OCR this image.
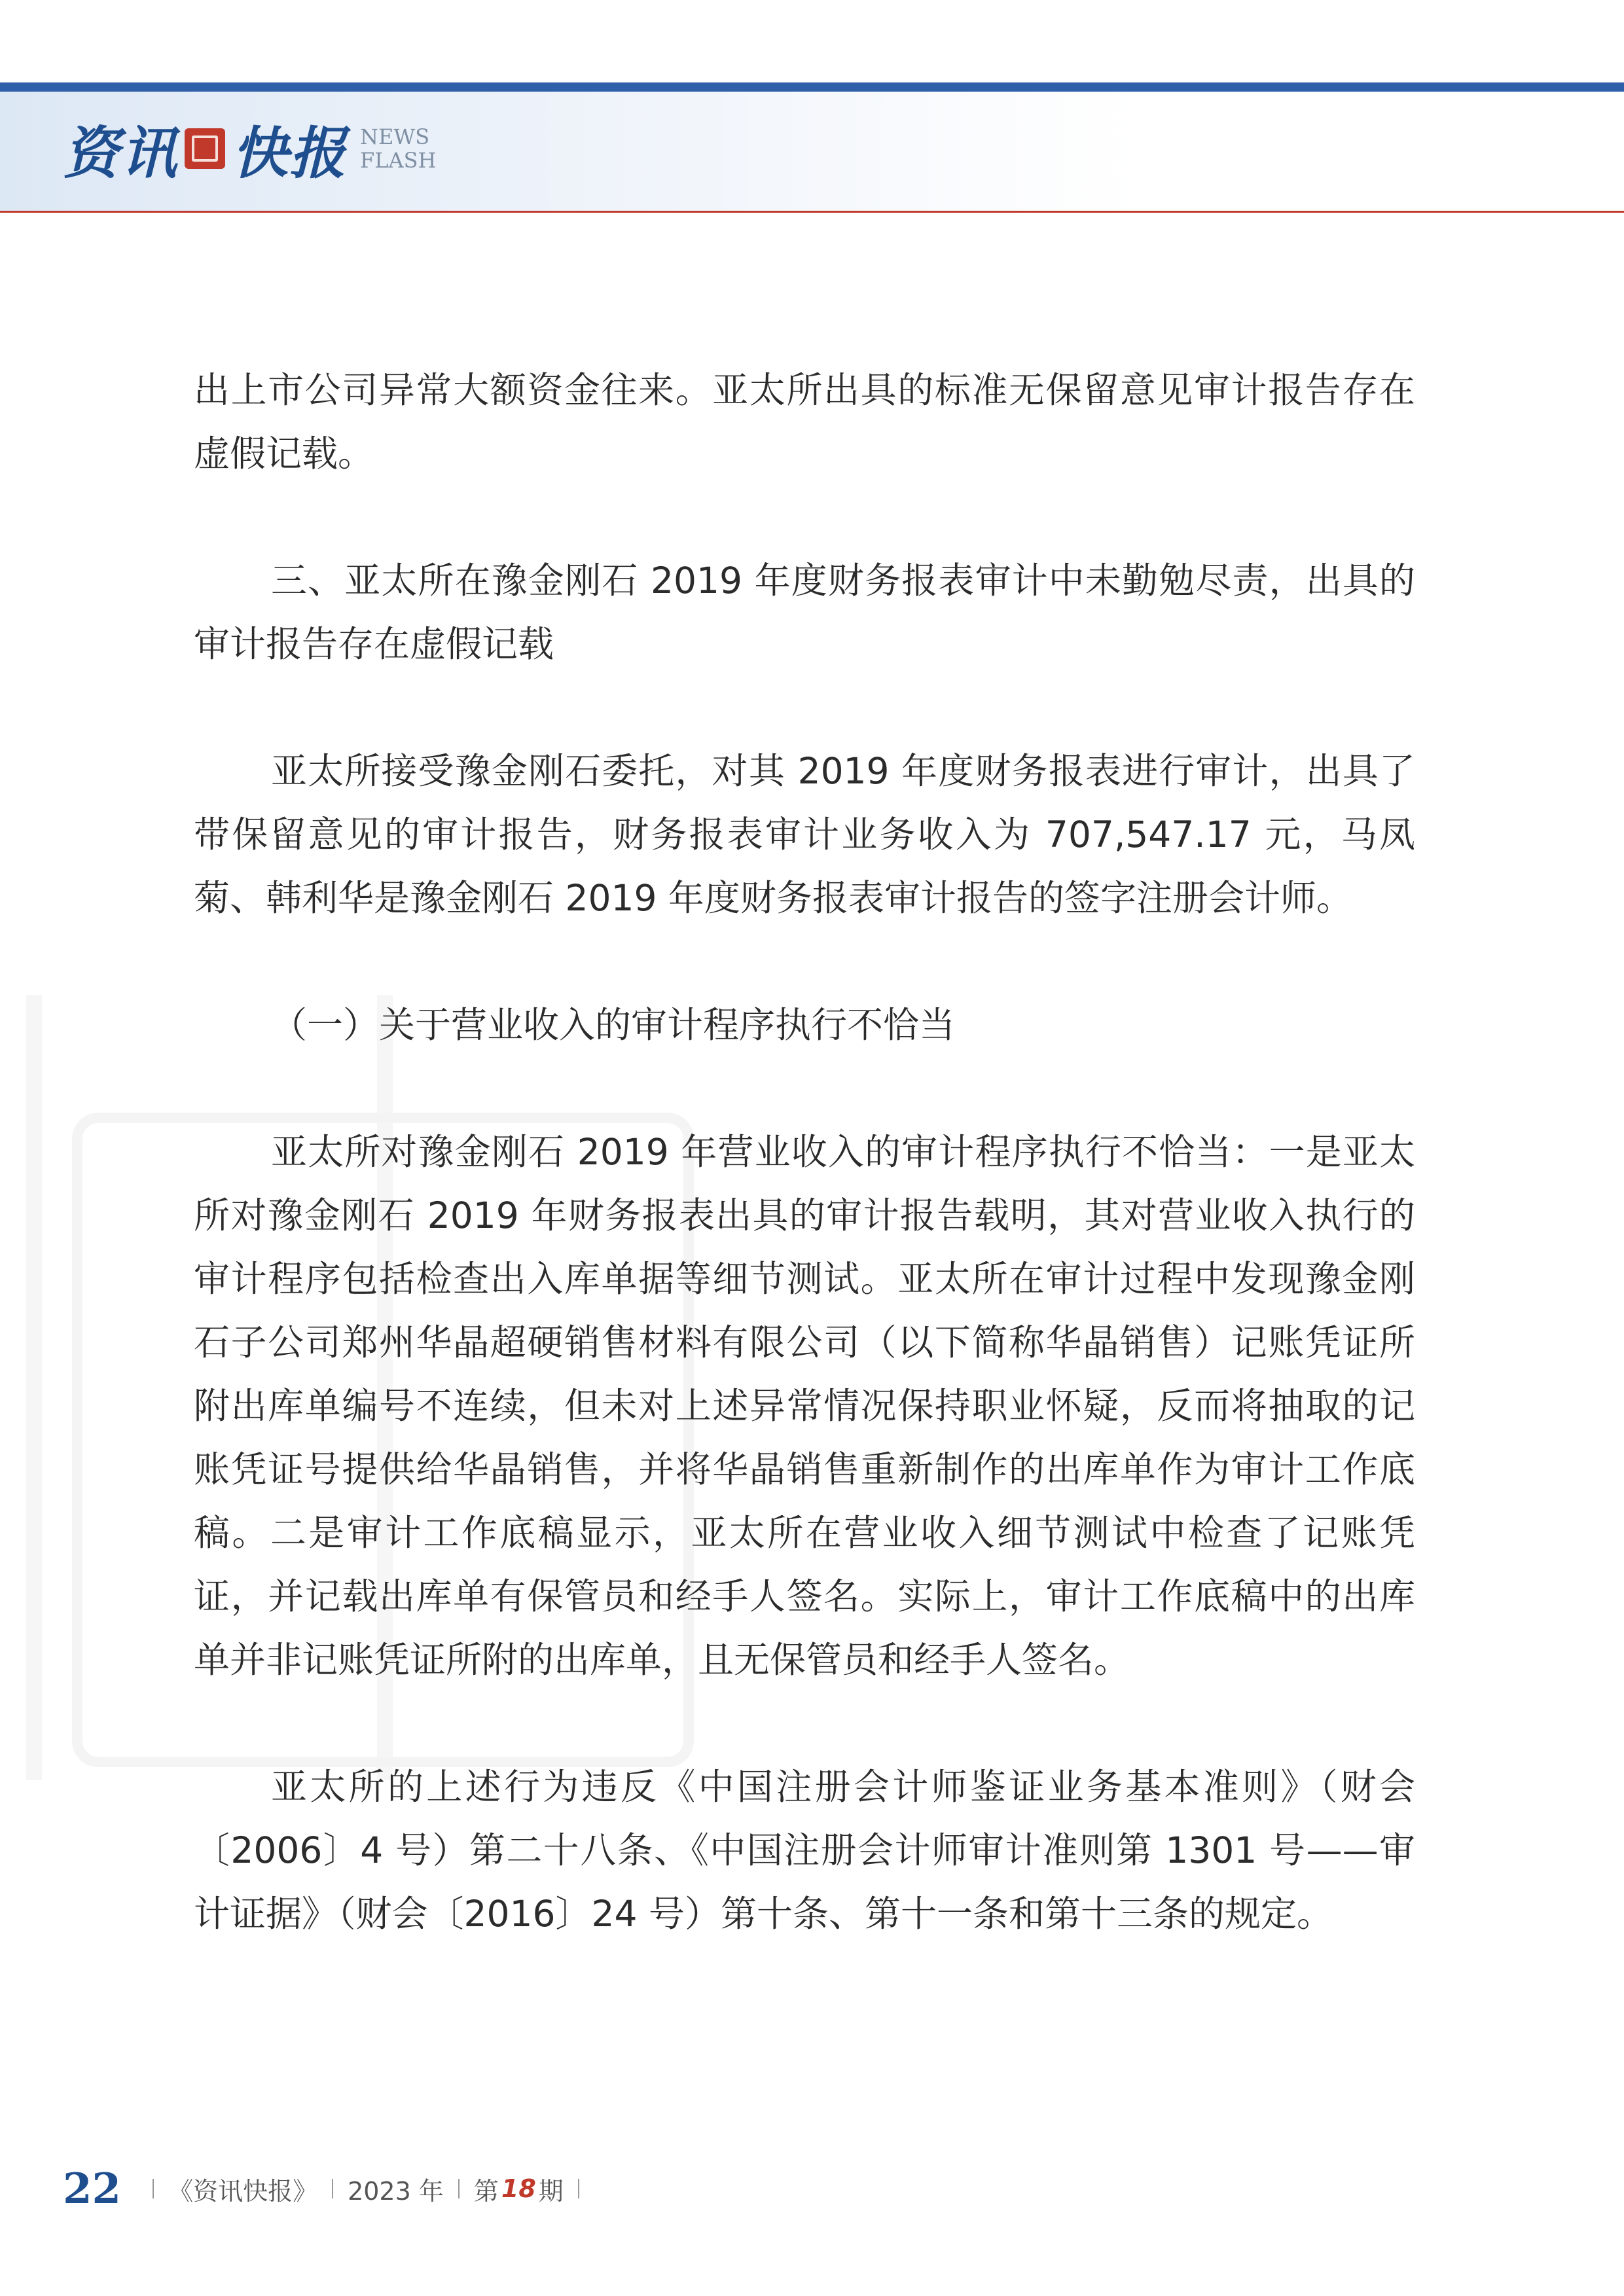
资讯 快报 NEWS
FLASH

出上市公司异常大额资金往来。亚太所出具的标准无保留意见审计报告存在虚假记载。

三、亚太所在豫金刚石 2019 年度财务报表审计中未勤勉尽责，出具的审计报告存在虚假记载

亚太所接受豫金刚石委托，对其 2019 年度财务报表进行审计，出具了带保留意见的审计报告，财务报表审计业务收入为 707,547.17 元，马凤菊、韩利华是豫金刚石 2019 年度财务报表审计报告的签字注册会计师。

（一）关于营业收入的审计程序执行不恰当

亚太所对豫金刚石 2019 年营业收入的审计程序执行不恰当：一是亚太所对豫金刚石 2019 年财务报表出具的审计报告载明，其对营业收入执行的审计程序包括检查出入库单据等细节测试。亚太所在审计过程中发现豫金刚石子公司郑州华晶超硬销售材料有限公司（以下简称华晶销售）记账凭证所附出库单编号不连续，但未对上述异常情况保持职业怀疑，反而将抽取的记账凭证号提供给华晶销售，并将华晶销售重新制作的出库单作为审计工作底稿。二是审计工作底稿显示，亚太所在营业收入细节测试中检查了记账凭证，并记载出库单有保管员和经手人签名。实际上，审计工作底稿中的出库单并非记账凭证所附的出库单，且无保管员和经手人签名。

亚太所的上述行为违反《中国注册会计师鉴证业务基本准则》（财会〔2006〕4 号）第二十八条、《中国注册会计师审计准则第 1301 号——审计证据》（财会〔2016〕24 号）第十条、第十一条和第十三条的规定。

22 《资讯快报》 2023 年 第 18 期
